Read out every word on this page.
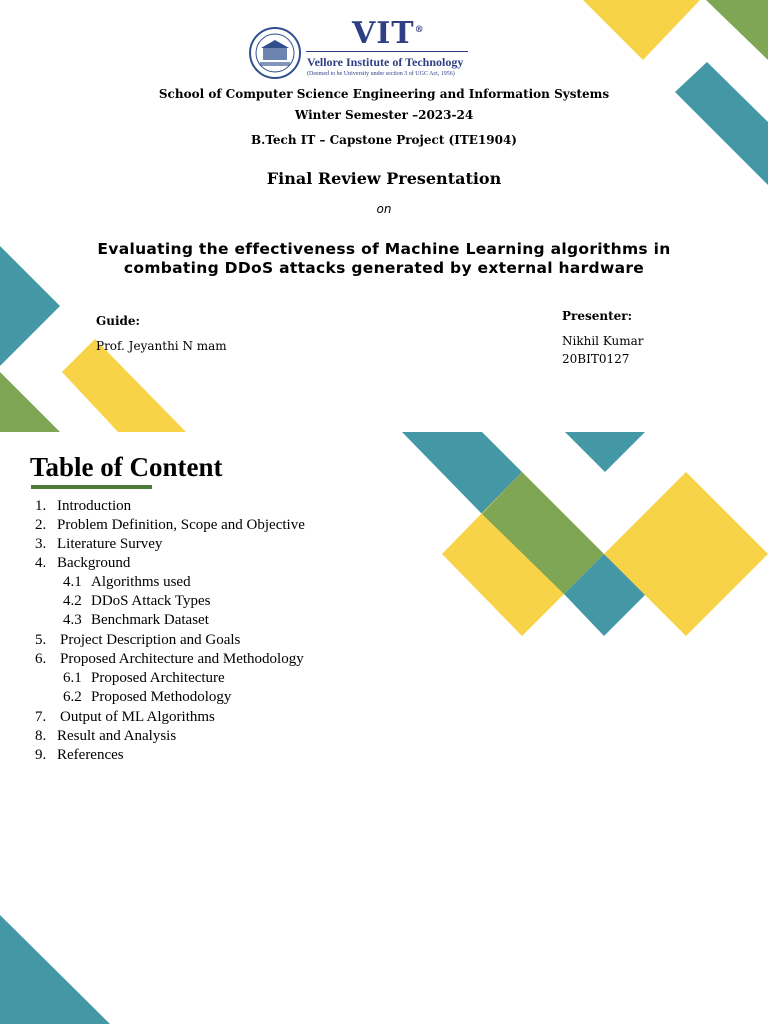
VIT®
Vellore Institute of Technology
(Deemed to be University under section 3 of UGC Act, 1956)
School of Computer Science Engineering and Information Systems
Winter Semester –2023-24
B.Tech IT – Capstone Project (ITE1904)
Final Review Presentation
on
Evaluating the effectiveness of Machine Learning algorithms in
combating DDoS attacks generated by external hardware
Guide:
Prof. Jeyanthi N mam
Presenter:
Nikhil Kumar
20BIT0127
Table of Content
1. Introduction
2. Problem Definition, Scope and Objective
3. Literature Survey
4. Background
4.1 Algorithms used
4.2 DDoS Attack Types
4.3 Benchmark Dataset
5. Project Description and Goals
6. Proposed Architecture and Methodology
6.1 Proposed Architecture
6.2 Proposed Methodology
7. Output of ML Algorithms
8. Result and Analysis
9. References
